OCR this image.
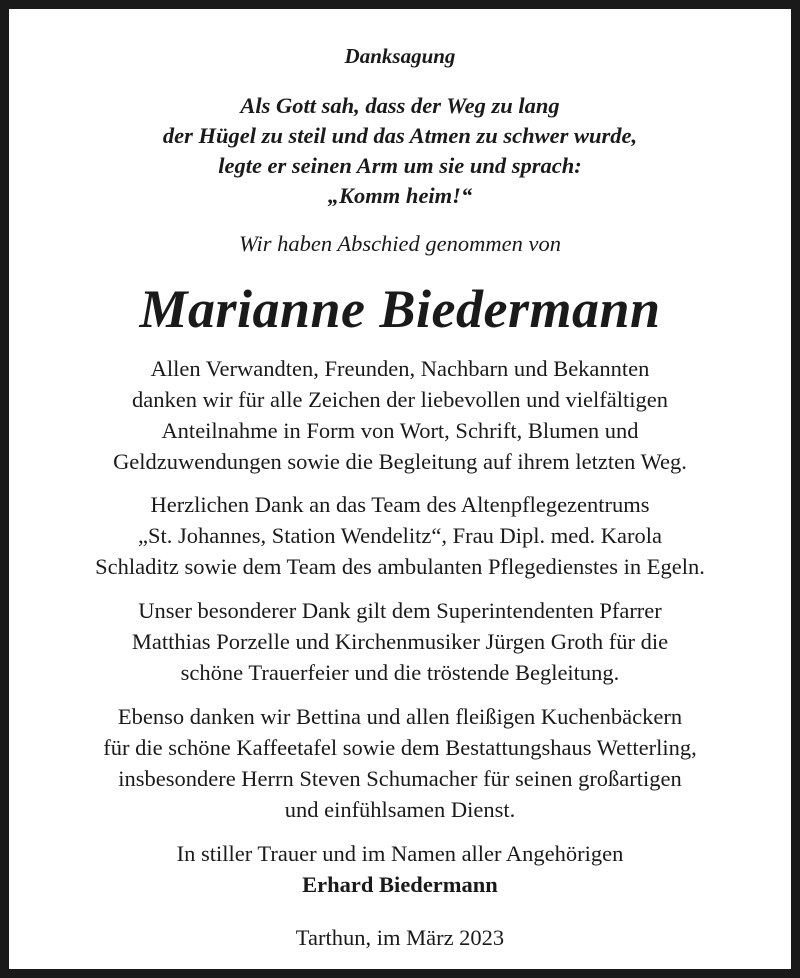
Danksagung
Als Gott sah, dass der Weg zu lang
der Hügel zu steil und das Atmen zu schwer wurde,
legte er seinen Arm um sie und sprach:
„Komm heim!“
Wir haben Abschied genommen von
Marianne Biedermann
Allen Verwandten, Freunden, Nachbarn und Bekannten
danken wir für alle Zeichen der liebevollen und vielfältigen
Anteilnahme in Form von Wort, Schrift, Blumen und
Geldzuwendungen sowie die Begleitung auf ihrem letzten Weg.
Herzlichen Dank an das Team des Altenpflegezentrums
„St. Johannes, Station Wendelitz“, Frau Dipl. med. Karola
Schladitz sowie dem Team des ambulanten Pflegedienstes in Egeln.
Unser besonderer Dank gilt dem Superintendenten Pfarrer
Matthias Porzelle und Kirchenmusiker Jürgen Groth für die
schöne Trauerfeier und die tröstende Begleitung.
Ebenso danken wir Bettina und allen fleißigen Kuchenbäckern
für die schöne Kaffeetafel sowie dem Bestattungshaus Wetterling,
insbesondere Herrn Steven Schumacher für seinen großartigen
und einfühlsamen Dienst.
In stiller Trauer und im Namen aller Angehörigen
Erhard Biedermann
Tarthun, im März 2023
